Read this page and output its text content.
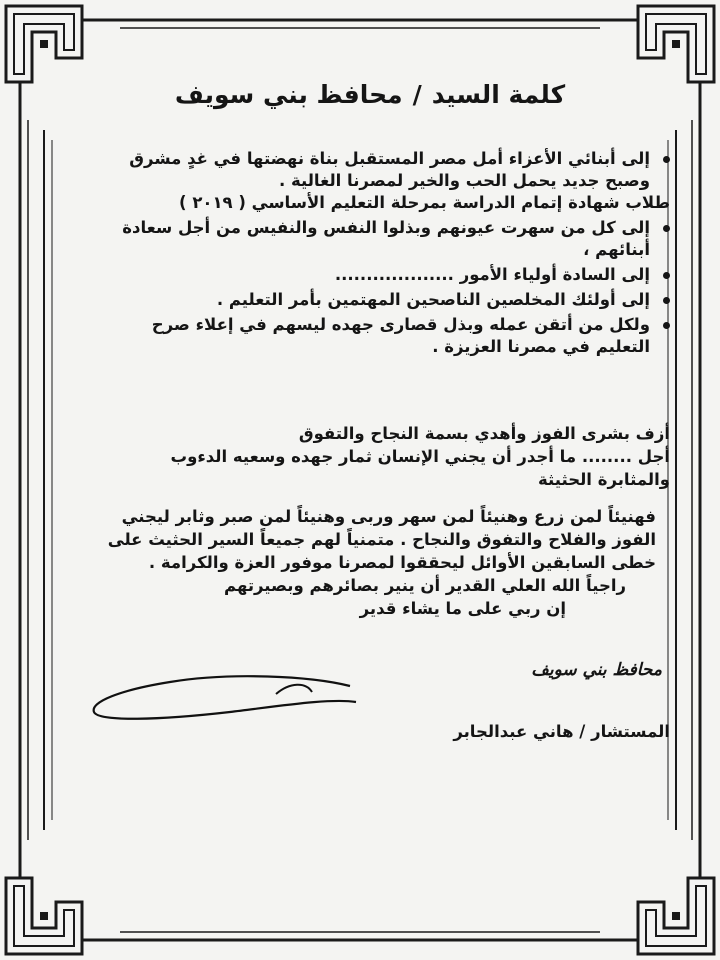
كلمة السيد/محافظ بني سويف
إلى أبنائي الأعزاء أمل مصر المستقبل بناة نهضتها في غدٍ مشرق
وصبح جديد يحمل الحب والخير لمصرنا الغالية .
طلاب شهادة إتمام الدراسة بمرحلة التعليم الأساسي ( ٢٠١٩ )
إلى كل من سهرت عيونهم وبذلوا النفس والنفيس من أجل سعادة
أبنائهم ،
إلى السادة أولياء الأمور ...................
إلى أولئك المخلصين الناصحين المهتمين بأمر التعليم .
ولكل من أتقن عمله وبذل قصارى جهده ليسهم في إعلاء صرح
التعليم في مصرنا العزيزة .

أزف بشرى الفوز وأهدي بسمة النجاح والتفوق

أجل ........ ما أجدر أن يجني الإنسان ثمار جهده وسعيه الدءوب

والمثابرة الحثيثة

فهنيئاً لمن زرع وهنيئاً لمن سهر وربى وهنيئاً لمن صبر وثابر ليجني

الفوز والفلاح والتفوق والنجاح . متمنياً لهم جميعاً السير الحثيث على

خطى السابقين الأوائل ليحققوا لمصرنا موفور العزة والكرامة .

راجياً الله العلي القدير أن ينير بصائرهم وبصيرتهم

إن ربي على ما يشاء قدير

محافظ بني سويف
المستشار / هاني عبدالجابر
